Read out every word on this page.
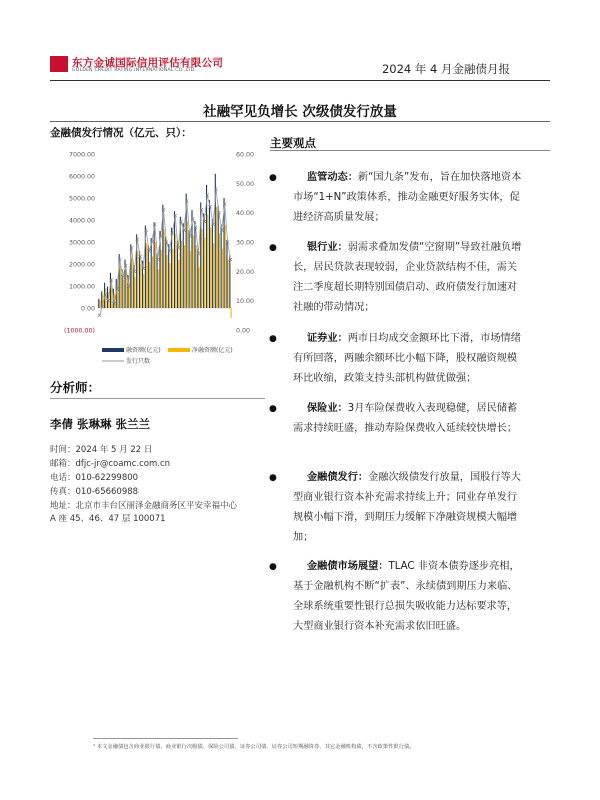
东方金诚国际信用评估有限公司
GOLDEN CREDIT RATING INTERNATIONAL CO.,LTD.	2024 年 4 月金融债月报
社融罕见负增长 次级债发行放量
金融债发行情况（亿元、只）：
7000.00
6000.00
5000.00
4000.00
3000.00
2000.00
1000.00
0.00
(1000.00)
60.00
50.00
40.00
30.00
20.00
10.00
0.00
融资额(亿元)	净融资额(亿元)
发行只数
分析师：
李倩 张琳琳 张兰兰
时间：2024 年 5 月 22 日
邮箱：dfjc-jr@coamc.com.cn
电话：010-62299800
传真：010-65660988
地址：北京市丰台区丽泽金融商务区平安幸福中心
A 座 45、46、47 层 100071
主要观点
●	监管动态：新“国九条”发布，旨在加快落地资本市场“1+N”政策体系，推动金融更好服务实体，促进经济高质量发展；
●	银行业：弱需求叠加发债“空窗期”导致社融负增长，居民贷款表现较弱，企业贷款结构不佳，需关注二季度超长期特别国债启动、政府债发行加速对社融的带动情况；
●	证券业：两市日均成交金额环比下滑，市场情绪有所回落，两融余额环比小幅下降，股权融资规模环比收缩，政策支持头部机构做优做强；
●	保险业：3月车险保费收入表现稳健，居民储蓄需求持续旺盛，推动寿险保费收入延续较快增长；
●	金融债发行：金融次级债发行放量，国股行等大型商业银行资本补充需求持续上升；同业存单发行规模小幅下滑，到期压力缓解下净融资规模大幅增加；
●	金融债市场展望：TLAC 非资本债券逐步亮相，基于金融机构不断“扩表”、永续债到期压力来临、全球系统重要性银行总损失吸收能力达标要求等，大型商业银行资本补充需求依旧旺盛。
¹ 本文金融债包含商业银行债、商业银行次级债、保险公司债、证券公司债、证券公司短期融资券、其它金融机构债，不含政策性银行债。
